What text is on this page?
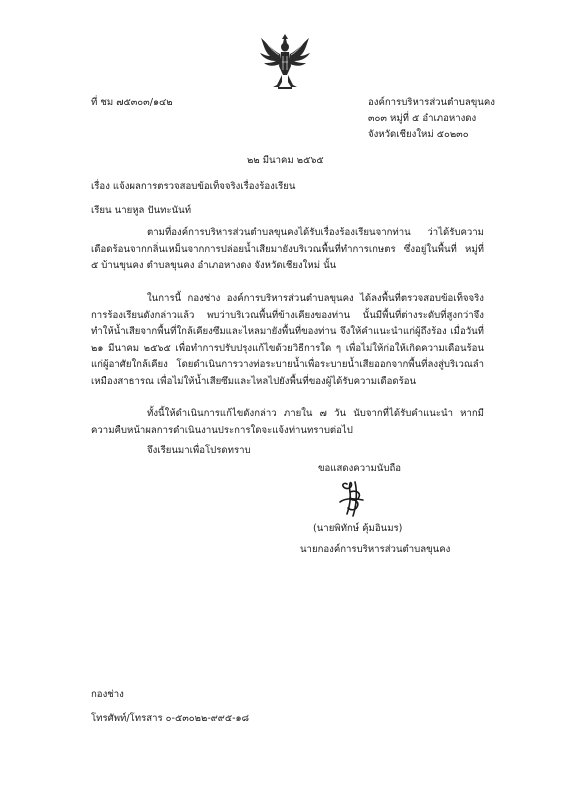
ที่ ชม ๗๕๓๐๓/๑๔๒	องค์การบริหารส่วนตำบลขุนคง
๓๐๓ หมู่ที่ ๕ อำเภอหางดง
จังหวัดเชียงใหม่ ๕๐๒๓๐
๒๒ มีนาคม ๒๕๖๕
เรื่อง แจ้งผลการตรวจสอบข้อเท็จจริงเรื่องร้องเรียน
เรียน นายหูล ปันทะนันท์
ตามที่องค์การบริหารส่วนตำบลขุนคงได้รับเรื่องร้องเรียนจากท่าน ว่าได้รับความเดือดร้อนจากกลิ่นเหม็นจากการปล่อยน้ำเสียมายังบริเวณพื้นที่ทำการเกษตร ซึ่งอยู่ในพื้นที่ หมู่ที่ ๕ บ้านขุนคง ตำบลขุนคง อำเภอหางดง จังหวัดเชียงใหม่ นั้น
ในการนี้ กองช่าง องค์การบริหารส่วนตำบลขุนคง ได้ลงพื้นที่ตรวจสอบข้อเท็จจริงการร้องเรียนดังกล่าวแล้ว พบว่าบริเวณพื้นที่ข้างเคียงของท่าน นั้นมีพื้นที่ต่างระดับที่สูงกว่าจึงทำให้น้ำเสียจากพื้นที่ใกล้เคียงซึมและไหลมายังพื้นที่ของท่าน จึงให้คำแนะนำแก่ผู้ถึงร้อง เมื่อวันที่ ๒๑ มีนาคม ๒๕๖๕ เพื่อทำการปรับปรุงแก้ไขด้วยวิธีการใด ๆ เพื่อไม่ให้ก่อให้เกิดความเดือนร้อนแก่ผู้อาศัยใกล้เคียง โดยดำเนินการวางท่อระบายน้ำเพื่อระบายน้ำเสียออกจากพื้นที่ลงสู่บริเวณลำเหมืองสาธารณ เพื่อไม่ให้น้ำเสียซึมและไหลไปยังพื้นที่ของผู้ได้รับความเดือดร้อน
ทั้งนี้ให้ดำเนินการแก้ไขดังกล่าว ภายใน ๗ วัน นับจากที่ได้รับคำแนะนำ หากมีความคืบหน้าผลการดำเนินงานประการใดจะแจ้งท่านทราบต่อไป
จึงเรียนมาเพื่อโปรดทราบ
ขอแสดงความนับถือ
(นายพิทักษ์ คุ้มอินมร)
นายกองค์การบริหารส่วนตำบลขุนคง
กองช่าง
โทรศัพท์/โทรสาร ๐-๕๓๐๒๒-๙๙๕-๑๘
